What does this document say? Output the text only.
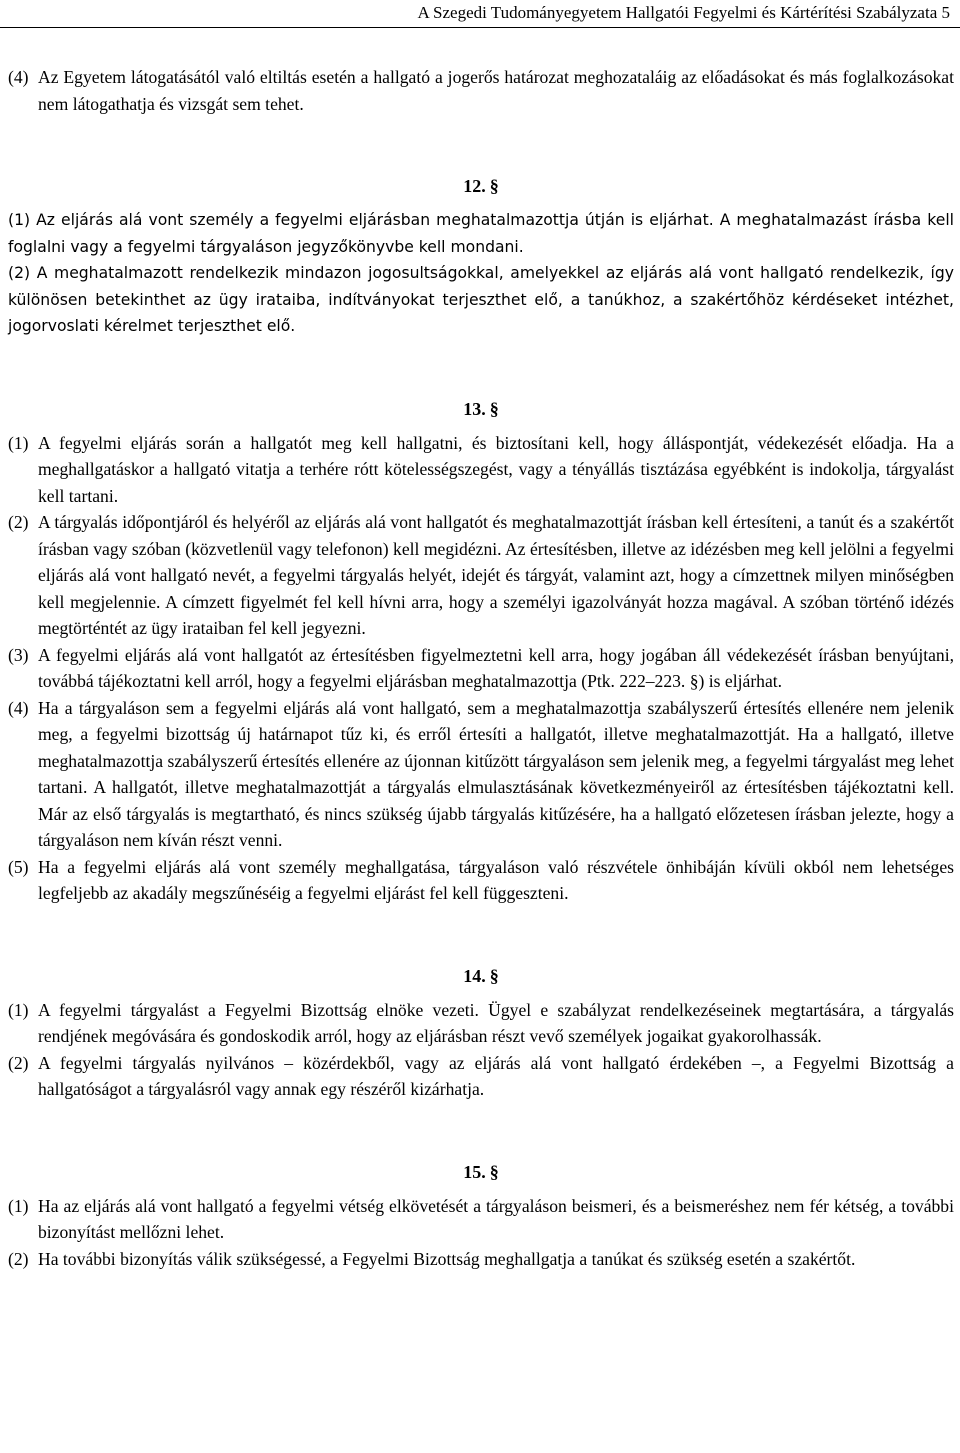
A Szegedi Tudományegyetem Hallgatói Fegyelmi és Kártérítési Szabályzata 5
(4) Az Egyetem látogatásától való eltiltás esetén a hallgató a jogerős határozat meghozataláig az előadásokat és más foglalkozásokat nem látogathatja és vizsgát sem tehet.
12. §
(1) Az eljárás alá vont személy a fegyelmi eljárásban meghatalmazottja útján is eljárhat. A meghatalmazást írásba kell foglalni vagy a fegyelmi tárgyaláson jegyzőkönyvbe kell mondani.
(2) A meghatalmazott rendelkezik mindazon jogosultságokkal, amelyekkel az eljárás alá vont hallgató rendelkezik, így különösen betekinthet az ügy irataiba, indítványokat terjeszthet elő, a tanúkhoz, a szakértőhöz kérdéseket intézhet, jogorvoslati kérelmet terjeszthet elő.
13. §
(1) A fegyelmi eljárás során a hallgatót meg kell hallgatni, és biztosítani kell, hogy álláspontját, védekezését előadja. Ha a meghallgatáskor a hallgató vitatja a terhére rótt kötelességszegést, vagy a tényállás tisztázása egyébként is indokolja, tárgyalást kell tartani.
(2) A tárgyalás időpontjáról és helyéről az eljárás alá vont hallgatót és meghatalmazottját írásban kell értesíteni, a tanút és a szakértőt írásban vagy szóban (közvetlenül vagy telefonon) kell megidézni. Az értesítésben, illetve az idézésben meg kell jelölni a fegyelmi eljárás alá vont hallgató nevét, a fegyelmi tárgyalás helyét, idejét és tárgyát, valamint azt, hogy a címzettnek milyen minőségben kell megjelennie. A címzett figyelmét fel kell hívni arra, hogy a személyi igazolványát hozza magával. A szóban történő idézés megtörténtét az ügy irataiban fel kell jegyezni.
(3) A fegyelmi eljárás alá vont hallgatót az értesítésben figyelmeztetni kell arra, hogy jogában áll védekezését írásban benyújtani, továbbá tájékoztatni kell arról, hogy a fegyelmi eljárásban meghatalmazottja (Ptk. 222–223. §) is eljárhat.
(4) Ha a tárgyaláson sem a fegyelmi eljárás alá vont hallgató, sem a meghatalmazottja szabályszerű értesítés ellenére nem jelenik meg, a fegyelmi bizottság új határnapot tűz ki, és erről értesíti a hallgatót, illetve meghatalmazottját. Ha a hallgató, illetve meghatalmazottja szabályszerű értesítés ellenére az újonnan kitűzött tárgyaláson sem jelenik meg, a fegyelmi tárgyalást meg lehet tartani. A hallgatót, illetve meghatalmazottját a tárgyalás elmulasztásának következményeiről az értesítésben tájékoztatni kell. Már az első tárgyalás is megtartható, és nincs szükség újabb tárgyalás kitűzésére, ha a hallgató előzetesen írásban jelezte, hogy a tárgyaláson nem kíván részt venni.
(5) Ha a fegyelmi eljárás alá vont személy meghallgatása, tárgyaláson való részvétele önhibáján kívüli okból nem lehetséges legfeljebb az akadály megszűnéséig a fegyelmi eljárást fel kell függeszteni.
14. §
(1) A fegyelmi tárgyalást a Fegyelmi Bizottság elnöke vezeti. Ügyel e szabályzat rendelkezéseinek megtartására, a tárgyalás rendjének megóvására és gondoskodik arról, hogy az eljárásban részt vevő személyek jogaikat gyakorolhassák.
(2) A fegyelmi tárgyalás nyilvános – közérdekből, vagy az eljárás alá vont hallgató érdekében –, a Fegyelmi Bizottság a hallgatóságot a tárgyalásról vagy annak egy részéről kizárhatja.
15. §
(1) Ha az eljárás alá vont hallgató a fegyelmi vétség elkövetését a tárgyaláson beismeri, és a beismeréshez nem fér kétség, a további bizonyítást mellőzni lehet.
(2) Ha további bizonyítás válik szükségessé, a Fegyelmi Bizottság meghallgatja a tanúkat és szükség esetén a szakértőt.
